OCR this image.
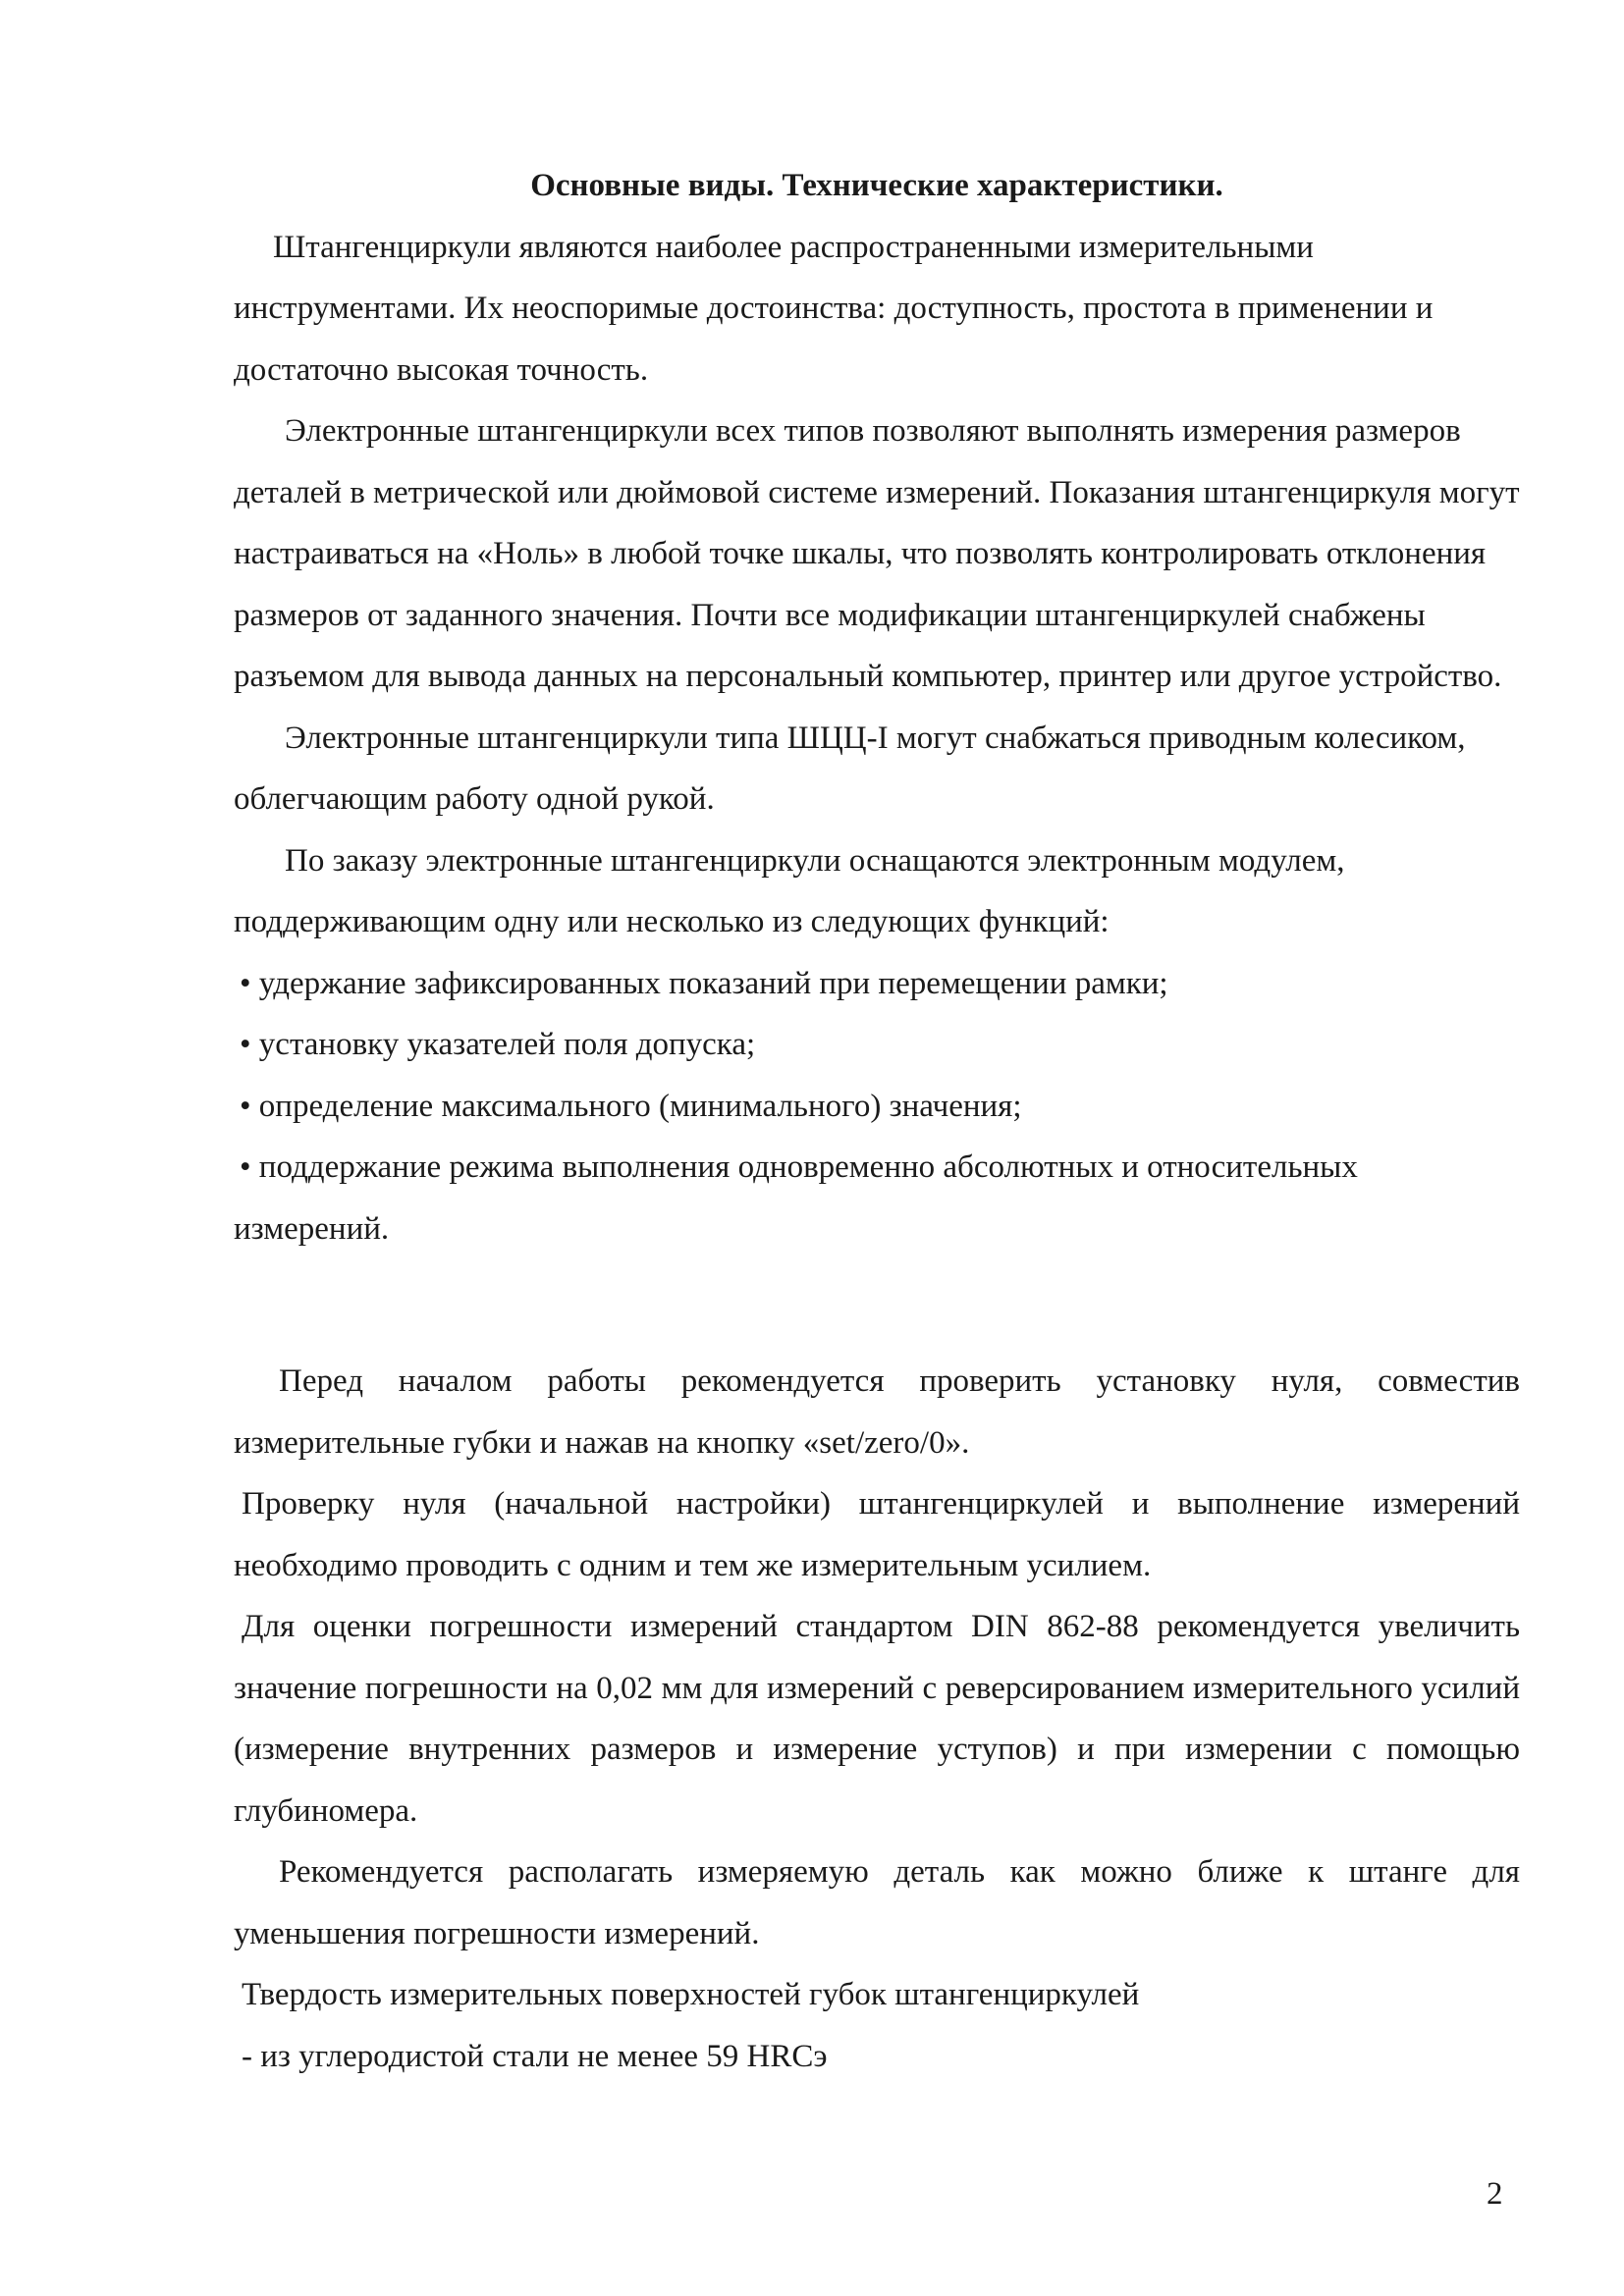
Основные виды. Технические характеристики.

Штангенциркули являются наиболее распространенными измерительными инструментами. Их неоспоримые достоинства: доступность, простота в применении и достаточно высокая точность.

Электронные штангенциркули всех типов позволяют выполнять измерения размеров деталей в метрической или дюймовой системе измерений. Показания штангенциркуля могут настраиваться на «Ноль» в любой точке шкалы, что позволять контролировать отклонения размеров от заданного значения. Почти все модификации штангенциркулей снабжены разъемом для вывода данных на персональный компьютер, принтер или другое устройство.

Электронные штангенциркули типа ШЦЦ-I могут снабжаться приводным колесиком, облегчающим работу одной рукой.

По заказу электронные штангенциркули оснащаются электронным модулем, поддерживающим одну или несколько из следующих функций:

• удержание зафиксированных показаний при перемещении рамки;

• установку указателей поля допуска;

• определение максимального (минимального) значения;

• поддержание режима выполнения одновременно абсолютных и относительных измерений.

Перед началом работы рекомендуется проверить установку нуля, совместив измерительные губки и нажав на кнопку «set/zero/0».

Проверку нуля (начальной настройки) штангенциркулей и выполнение измерений необходимо проводить с одним и тем же измерительным усилием.

Для оценки погрешности измерений стандартом DIN 862-88 рекомендуется увеличить значение погрешности на 0,02 мм для измерений с реверсированием измерительного усилий (измерение внутренних размеров и измерение уступов) и при измерении с помощью глубиномера.

Рекомендуется располагать измеряемую деталь как можно ближе к штанге для уменьшения погрешности измерений.

Твердость измерительных поверхностей губок штангенциркулей

- из углеродистой стали не менее 59 HRCэ

2
